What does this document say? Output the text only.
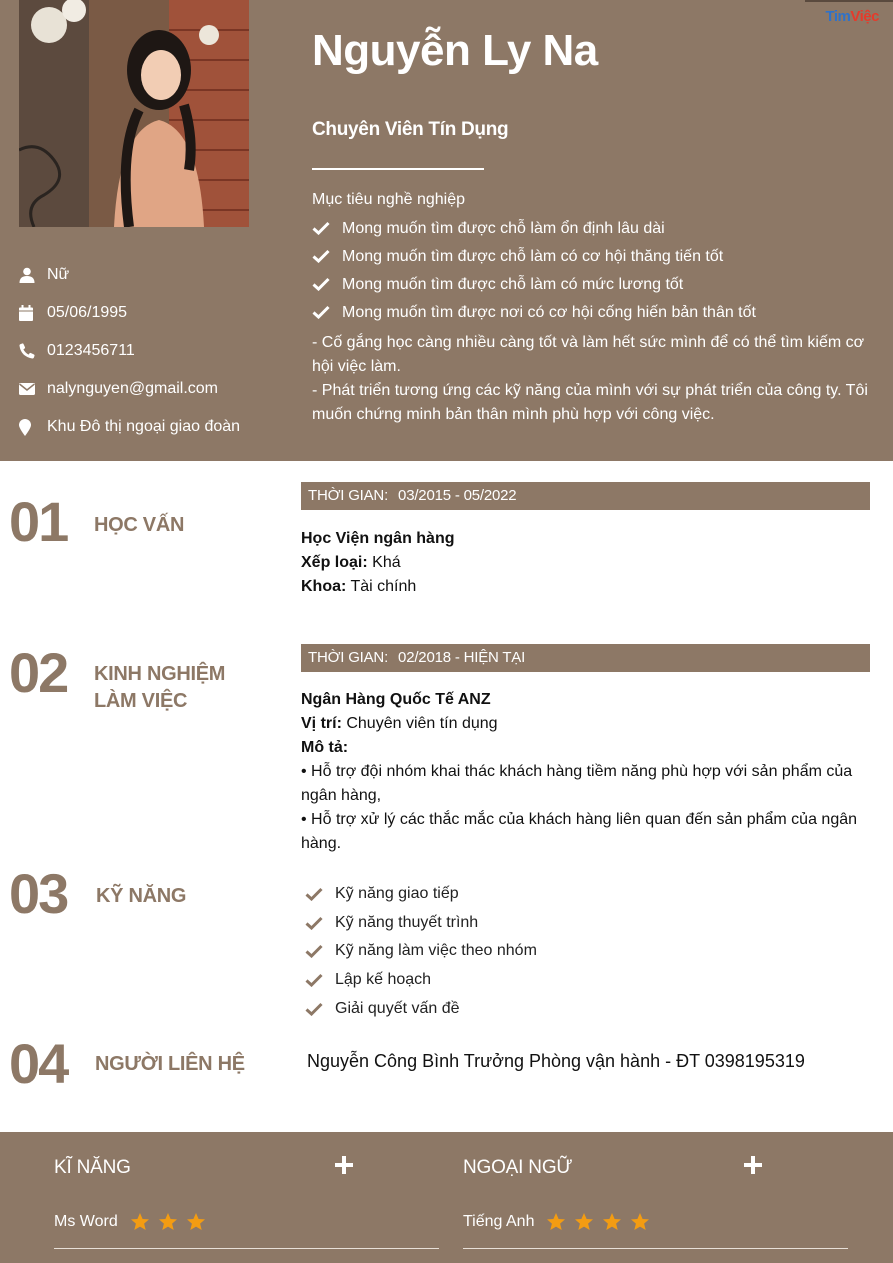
TimViệc
Nữ
05/06/1995
0123456711
nalynguyen@gmail.com
Khu Đô thị ngoại giao đoàn
Nguyễn Ly Na
Chuyên Viên Tín Dụng
Mục tiêu nghề nghiệp
Mong muốn tìm được chỗ làm ổn định lâu dài
Mong muốn tìm được chỗ làm có cơ hội thăng tiến tốt
Mong muốn tìm được chỗ làm có mức lương tốt
Mong muốn tìm được nơi có cơ hội cống hiến bản thân tốt
- Cố gắng học càng nhiều càng tốt và làm hết sức mình để có thể tìm kiếm cơ hội việc làm.
- Phát triển tương ứng các kỹ năng của mình với sự phát triển của công ty. Tôi muốn chứng minh bản thân mình phù hợp với công việc.
01 HỌC VẤN
THỜI GIAN: 03/2015 - 05/2022
Học Viện ngân hàng
Xếp loại: Khá
Khoa: Tài chính
02 KINH NGHIỆM
LÀM VIỆC
THỜI GIAN: 02/2018 - HIỆN TẠI
Ngân Hàng Quốc Tế ANZ
Vị trí: Chuyên viên tín dụng
Mô tả:
• Hỗ trợ đội nhóm khai thác khách hàng tiềm năng phù hợp với sản phẩm của ngân hàng,
• Hỗ trợ xử lý các thắc mắc của khách hàng liên quan đến sản phẩm của ngân hàng.
03 KỸ NĂNG	Kỹ năng giao tiếp
Kỹ năng thuyết trình
Kỹ năng làm việc theo nhóm
Lập kế hoạch
Giải quyết vấn đề
04 NGƯỜI LIÊN HỆ	Nguyễn Công Bình Trưởng Phòng vận hành - ĐT 0398195319
KĨ NĂNG
Ms Word
NGOẠI NGỮ
Tiếng Anh
